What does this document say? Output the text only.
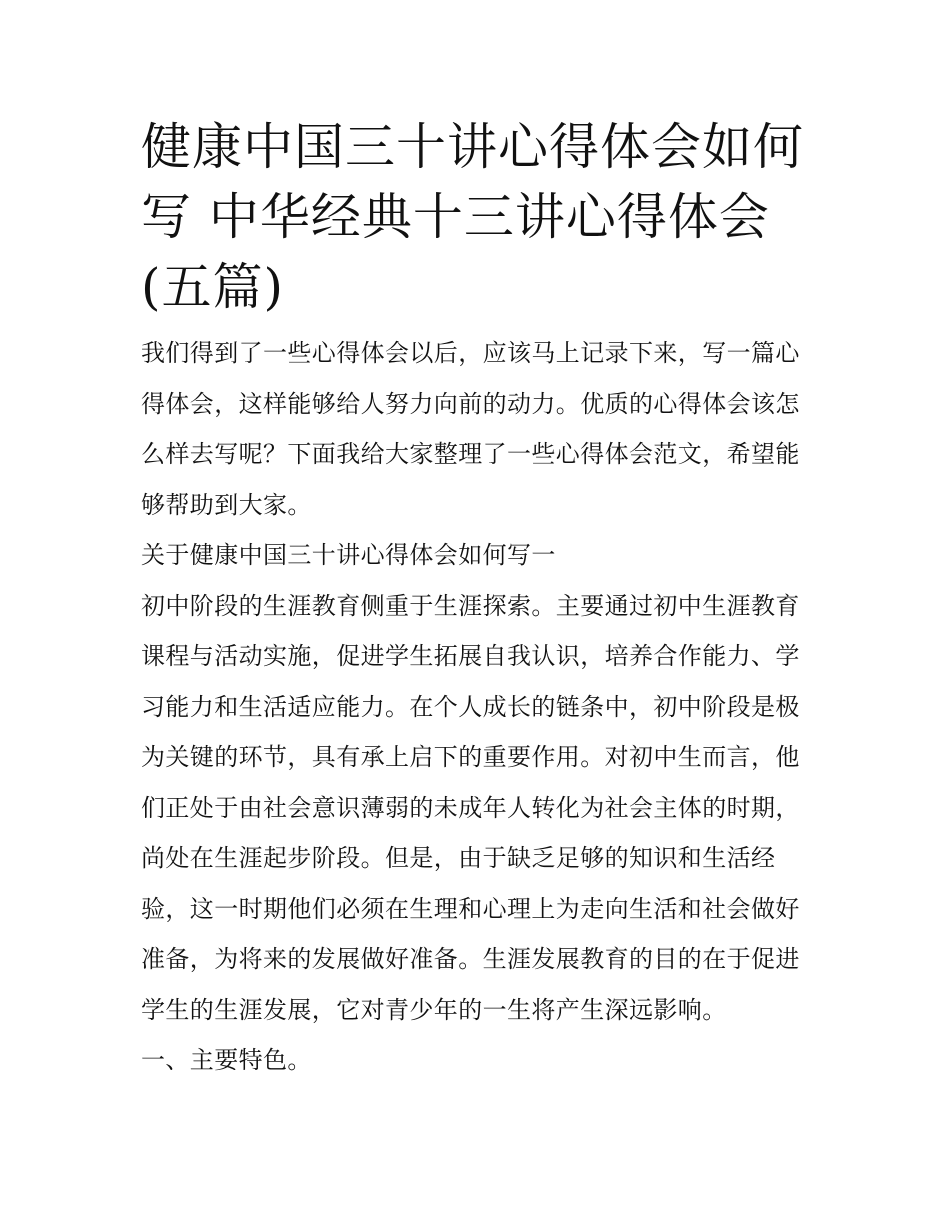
健康中国三十讲心得体会如何
写 中华经典十三讲心得体会
(五篇)

我们得到了一些心得体会以后，应该马上记录下来，写一篇心
得体会，这样能够给人努力向前的动力。优质的心得体会该怎
么样去写呢？下面我给大家整理了一些心得体会范文，希望能
够帮助到大家。

关于健康中国三十讲心得体会如何写一

初中阶段的生涯教育侧重于生涯探索。主要通过初中生涯教育
课程与活动实施，促进学生拓展自我认识，培养合作能力、学
习能力和生活适应能力。在个人成长的链条中，初中阶段是极
为关键的环节，具有承上启下的重要作用。对初中生而言，他
们正处于由社会意识薄弱的未成年人转化为社会主体的时期，
尚处在生涯起步阶段。但是，由于缺乏足够的知识和生活经
验，这一时期他们必须在生理和心理上为走向生活和社会做好
准备，为将来的发展做好准备。生涯发展教育的目的在于促进
学生的生涯发展，它对青少年的一生将产生深远影响。

一、主要特色。
